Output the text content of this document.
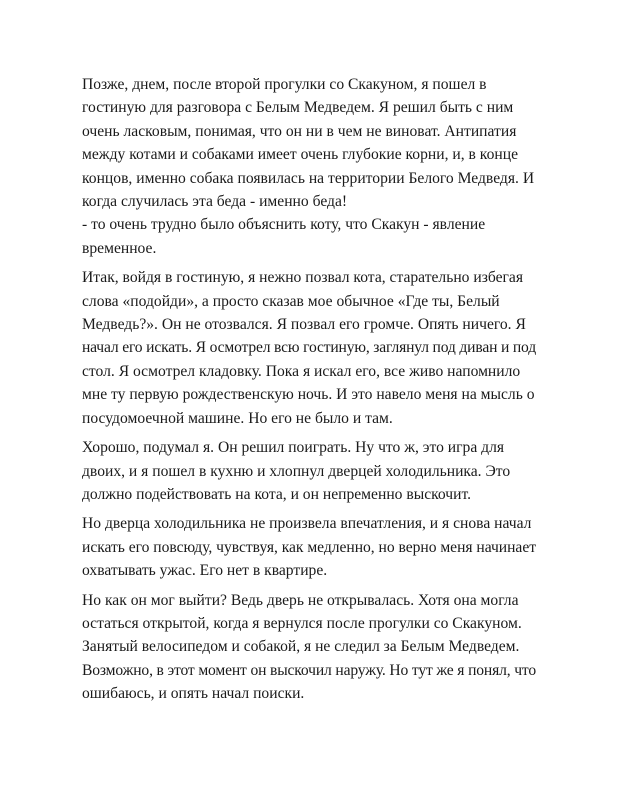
Позже, днем, после второй прогулки со Скакуном, я пошел в
гостиную для разговора с Белым Медведем. Я решил быть с ним
очень ласковым, понимая, что он ни в чем не виноват. Антипатия
между котами и собаками имеет очень глубокие корни, и, в конце
концов, именно собака появилась на территории Белого Медведя. И
когда случилась эта беда - именно беда!

- то очень трудно было объяснить коту, что Скакун - явление
временное.

Итак, войдя в гостиную, я нежно позвал кота, старательно избегая
слова «подойди», а просто сказав мое обычное «Где ты, Белый
Медведь?». Он не отозвался. Я позвал его громче. Опять ничего. Я
начал его искать. Я осмотрел всю гостиную, заглянул под диван и под
стол. Я осмотрел кладовку. Пока я искал его, все живо напомнило
мне ту первую рождественскую ночь. И это навело меня на мысль о
посудомоечной машине. Но его не было и там.

Хорошо, подумал я. Он решил поиграть. Ну что ж, это игра для
двоих, и я пошел в кухню и хлопнул дверцей холодильника. Это
должно подействовать на кота, и он непременно выскочит.

Но дверца холодильника не произвела впечатления, и я снова начал
искать его повсюду, чувствуя, как медленно, но верно меня начинает
охватывать ужас. Его нет в квартире.

Но как он мог выйти? Ведь дверь не открывалась. Хотя она могла
остаться открытой, когда я вернулся после прогулки со Скакуном.
Занятый велосипедом и собакой, я не следил за Белым Медведем.
Возможно, в этот момент он выскочил наружу. Но тут же я понял, что
ошибаюсь, и опять начал поиски.
